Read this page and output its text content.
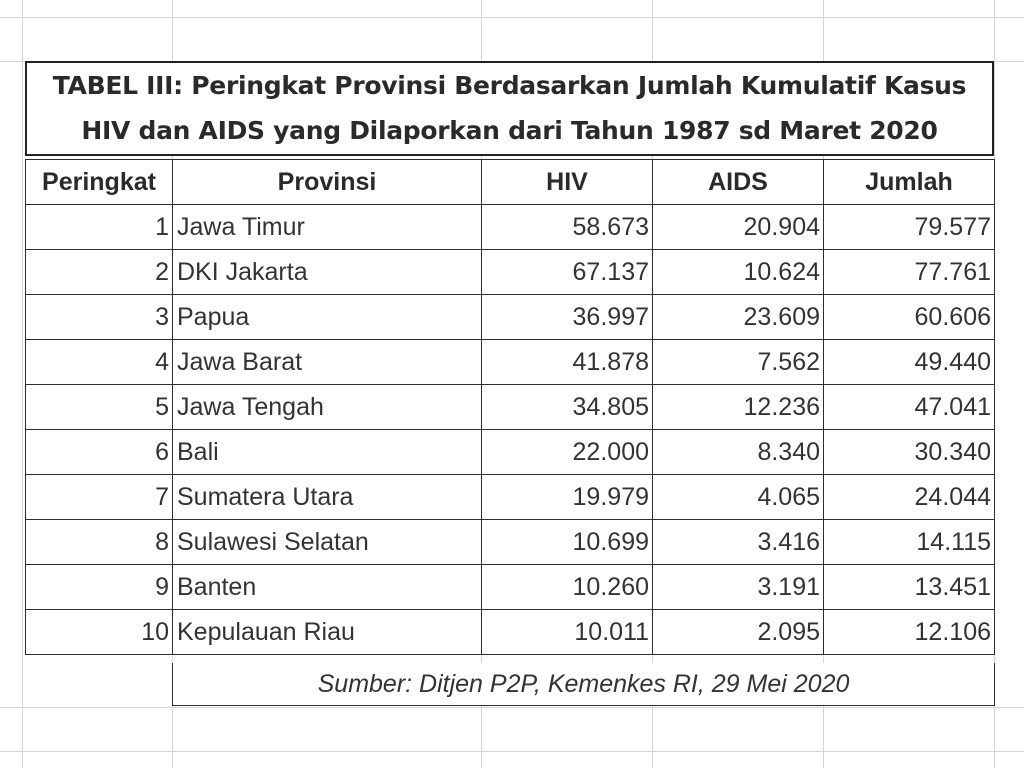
TABEL III: Peringkat Provinsi Berdasarkan Jumlah Kumulatif Kasus
HIV dan AIDS yang Dilaporkan dari Tahun 1987 sd Maret 2020
Peringkat	Provinsi	HIV	AIDS	Jumlah
1	Jawa Timur	58.673	20.904	79.577
2	DKI Jakarta	67.137	10.624	77.761
3	Papua	36.997	23.609	60.606
4	Jawa Barat	41.878	7.562	49.440
5	Jawa Tengah	34.805	12.236	47.041
6	Bali	22.000	8.340	30.340
7	Sumatera Utara	19.979	4.065	24.044
8	Sulawesi Selatan	10.699	3.416	14.115
9	Banten	10.260	3.191	13.451
10	Kepulauan Riau	10.011	2.095	12.106
Sumber: Ditjen P2P, Kemenkes RI, 29 Mei 2020
